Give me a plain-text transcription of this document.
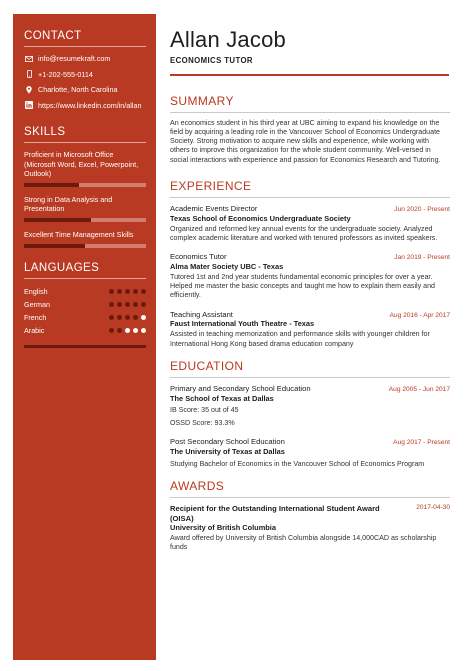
CONTACT
info@resumekraft.com
+1-202-555-0114
Charlotte, North Carolina
https://www.linkedin.com/in/allan
SKILLS
Proficient in Microsoft Office (Microsoft Word, Excel, Powerpoint, Outlook)
Strong in Data Analysis and Presentation
Excellent Time Management Skills
LANGUAGES
English
German
French
Arabic
Allan Jacob
ECONOMICS TUTOR
SUMMARY
An economics student in his third year at UBC aiming to expand his knowledge on the field by acquiring a leading role in the Vancouver School of Economics Undergraduate Society. Strong motivation to acquire new skills and experience, while working with others to improve this organization for the whole student community. Well-versed in social interactions with experience and passion for Economics Research and Tutoring.
EXPERIENCE
Academic Events Director	Jun 2020 - Present
Texas School of Economics Undergraduate Society
Organized and reformed key annual events for the undergraduate society. Analyzed complex academic literature and worked with tenured professors as invited speakers.
Economics Tutor	Jan 2019 - Present
Alma Mater Society UBC - Texas
Tutored 1st and 2nd year students fundamental economic principles for over a year. Helped me master the basic concepts and taught me how to explain them easily and efficiently.
Teaching Assistant	Aug 2016 - Apr 2017
Faust International Youth Theatre - Texas
Assisted in teaching memorization and performance skills with younger children for International Hong Kong based drama education company
EDUCATION
Primary and Secondary School Education	Aug 2005 - Jun 2017
The School of Texas at Dallas
IB Score: 35 out of 45
OSSD Score: 93.3%
Post Secondary School Education	Aug 2017 - Present
The University of Texas at Dallas
Studying Bachelor of Economics in the Vancouver School of Economics Program
AWARDS
Recipient for the Outstanding International Student Award (OISA)
2017-04-30
University of British Columbia
Award offered by University of British Columbia alongside 14,000CAD as scholarship funds
